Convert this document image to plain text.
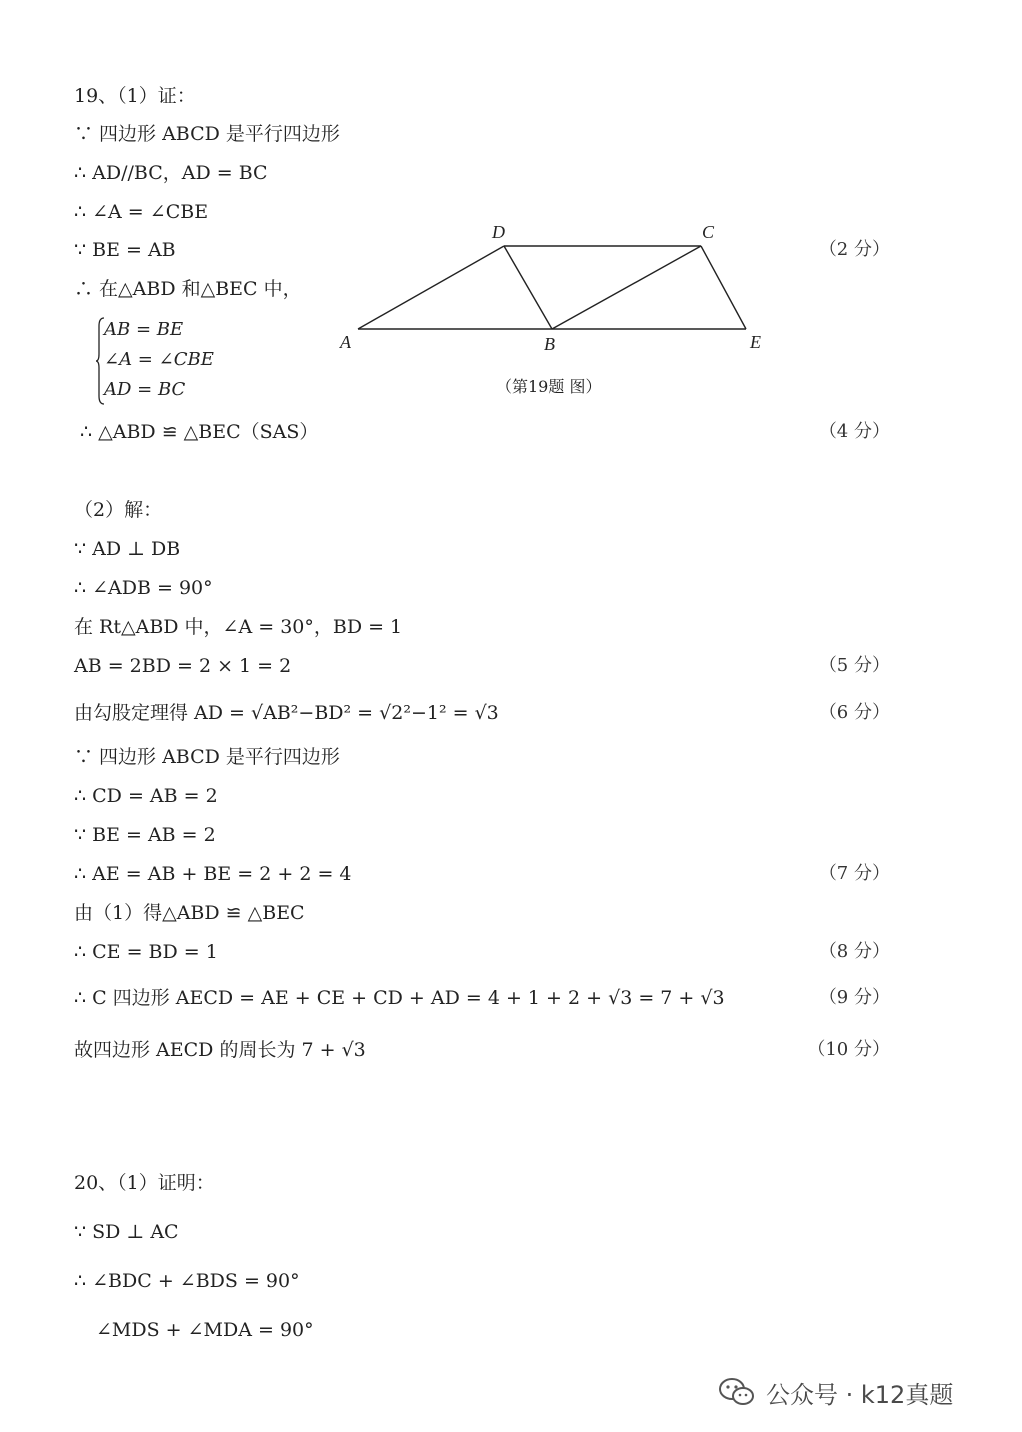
19、（1）证：
∵ 四边形 ABCD 是平行四边形
∴ AD//BC，AD = BC
∴ ∠A = ∠CBE
∵ BE = AB	（2 分）
∴ 在△ABD 和△BEC 中，
AB = BE
∠A = ∠CBE
AD = BC
D	C
A	B	E
（第19题 图）
∴ △ABD ≌ △BEC（SAS）	（4 分）
（2）解：
∵ AD ⊥ DB
∴ ∠ADB = 90°
在 Rt△ABD 中，∠A = 30°，BD = 1
AB = 2BD = 2 × 1 = 2	（5 分）
由勾股定理得 AD = √AB²−BD² = √2²−1² = √3	（6 分）
∵ 四边形 ABCD 是平行四边形
∴ CD = AB = 2
∵ BE = AB = 2
∴ AE = AB + BE = 2 + 2 = 4	（7 分）
由（1）得△ABD ≌ △BEC
∴ CE = BD = 1	（8 分）
∴ C 四边形 AECD = AE + CE + CD + AD = 4 + 1 + 2 + √3 = 7 + √3	（9 分）
故四边形 AECD 的周长为 7 + √3	（10 分）
20、（1）证明：
∵ SD ⊥ AC
∴ ∠BDC + ∠BDS = 90°
∠MDS + ∠MDA = 90°
公众号 · k12真题
